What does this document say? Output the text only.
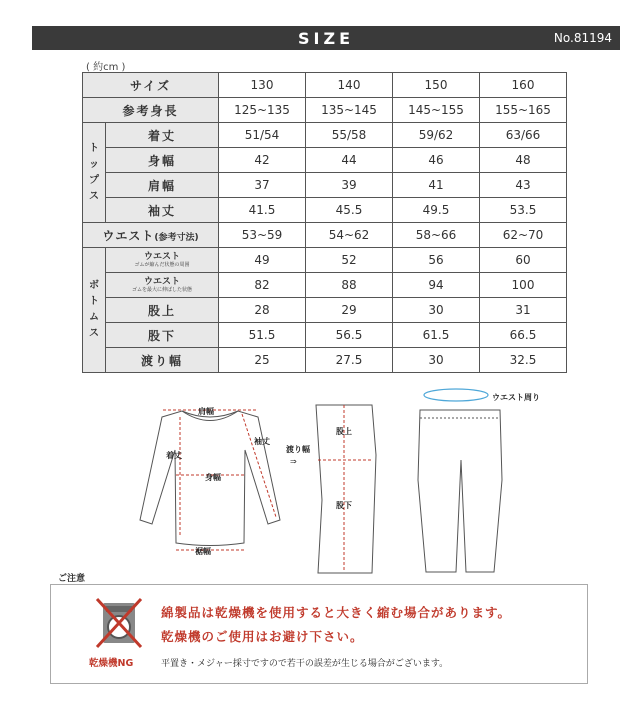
SIZE	No.81194
( 約cm )
サイズ		130	140	150	160
参考身長		125~135	135~145	145~155	155~165
ト
ッ
プ
ス	着丈	51/54	55/58	59/62	63/66
	身幅	42	44	46	48
	肩幅	37	39	41	43
	袖丈	41.5	45.5	49.5	53.5
ウエスト(参考寸法)		53~59	54~62	58~66	62~70
ボ
ト
ム
ス	ウエスト
ゴムが縮んだ状態の周囲	49	52	56	60
	ウエスト
ゴムを最大に伸ばした状態	82	88	94	100
	股上	28	29	30	31
	股下	51.5	56.5	61.5	66.5
	渡り幅	25	27.5	30	32.5
肩幅
袖丈
着丈
身幅
裾幅
渡り幅
⇒
股上
股下
ウエスト周り
ご注意
乾燥機NG
綿製品は乾燥機を使用すると大きく縮む場合があります。
乾燥機のご使用はお避け下さい。
平置き・メジャー採寸ですので若干の誤差が生じる場合がございます。
